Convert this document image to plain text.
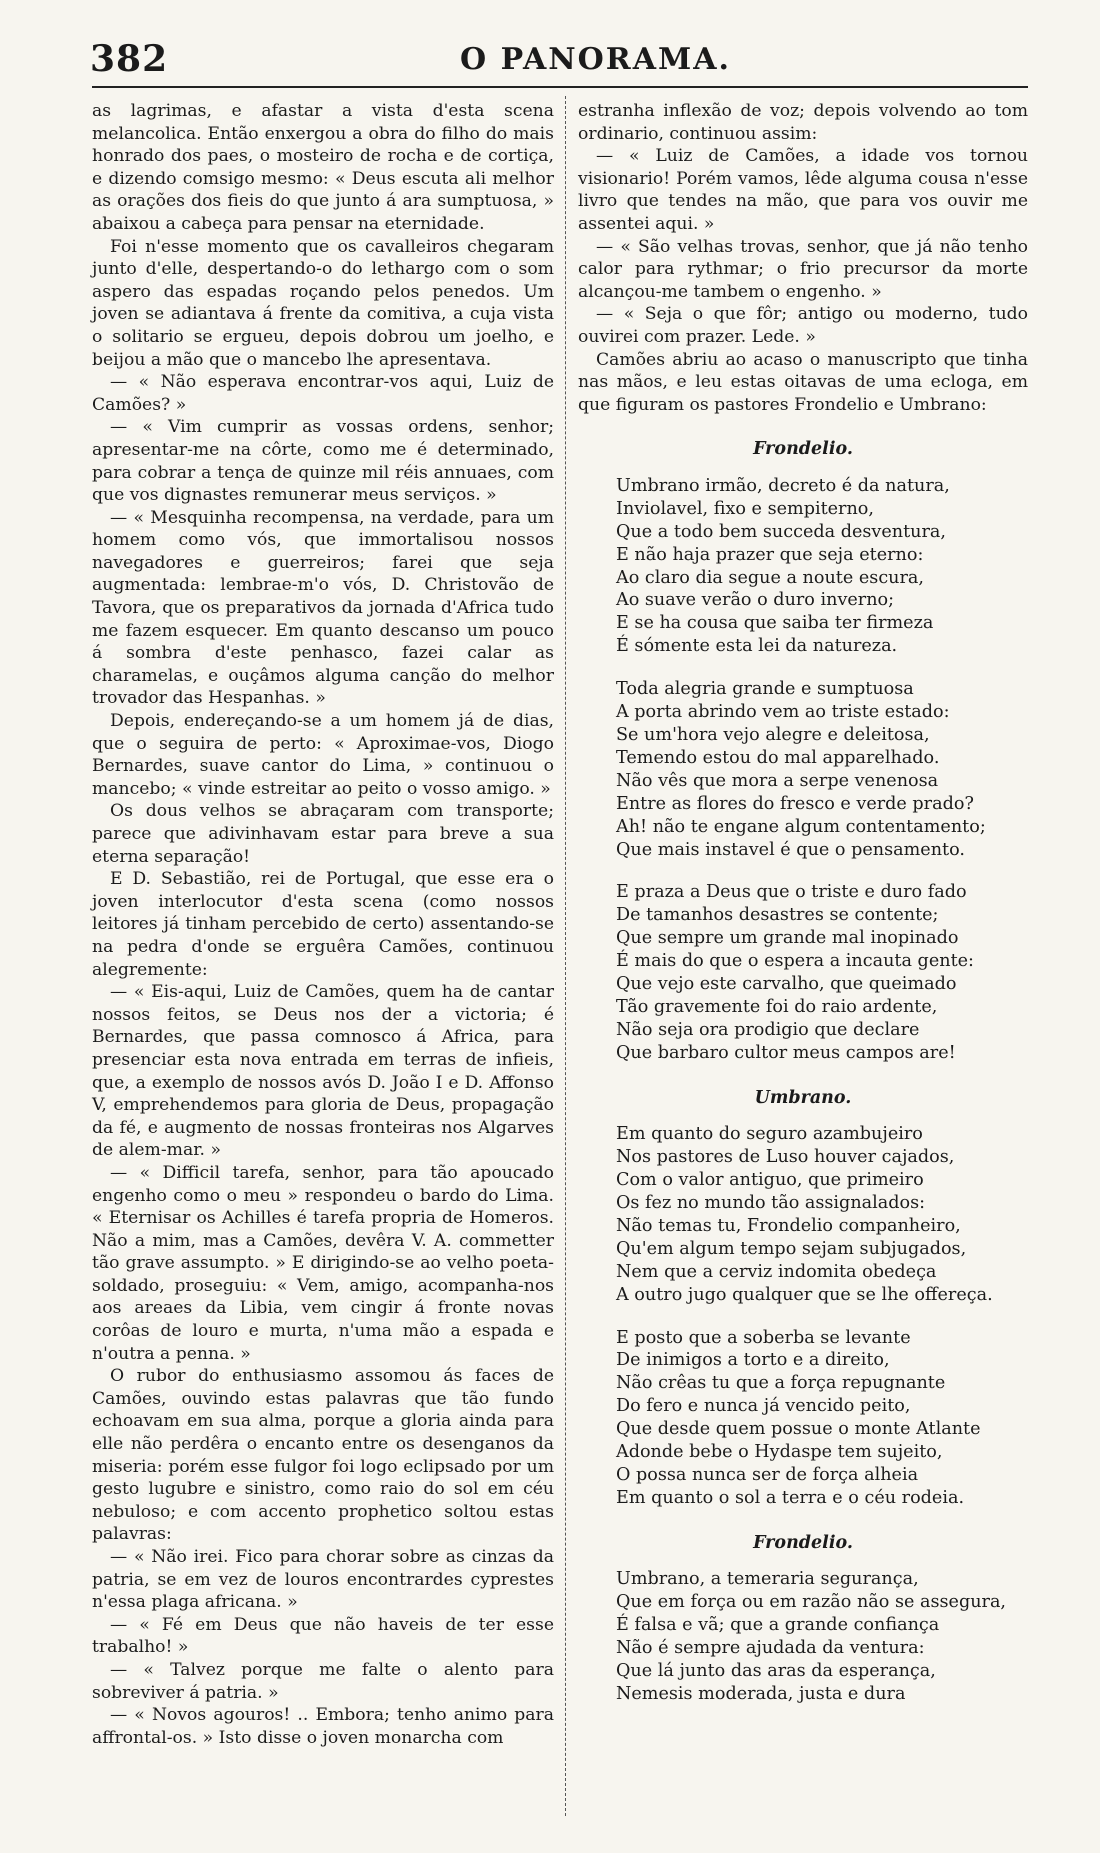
382	O PANORAMA.

as lagrimas, e afastar a vista d'esta scena melancolica. Então enxergou a obra do filho do mais honrado dos paes, o mosteiro de rocha e de cortiça, e dizendo comsigo mesmo: « Deus escuta ali melhor as orações dos fieis do que junto á ara sumptuosa, » abaixou a cabeça para pensar na eternidade.

Foi n'esse momento que os cavalleiros chegaram junto d'elle, despertando-o do lethargo com o som aspero das espadas roçando pelos penedos. Um joven se adiantava á frente da comitiva, a cuja vista o solitario se ergueu, depois dobrou um joelho, e beijou a mão que o mancebo lhe apresentava.

— « Não esperava encontrar-vos aqui, Luiz de Camões? »

— « Vim cumprir as vossas ordens, senhor; apresentar-me na côrte, como me é determinado, para cobrar a tença de quinze mil réis annuaes, com que vos dignastes remunerar meus serviços. »

— « Mesquinha recompensa, na verdade, para um homem como vós, que immortalisou nossos navegadores e guerreiros; farei que seja augmentada: lembrae-m'o vós, D. Christovão de Tavora, que os preparativos da jornada d'Africa tudo me fazem esquecer. Em quanto descanso um pouco á sombra d'este penhasco, fazei calar as charamelas, e ouçâmos alguma canção do melhor trovador das Hespanhas. »

Depois, endereçando-se a um homem já de dias, que o seguira de perto: « Aproximae-vos, Diogo Bernardes, suave cantor do Lima, » continuou o mancebo; « vinde estreitar ao peito o vosso amigo. »

Os dous velhos se abraçaram com transporte; parece que adivinhavam estar para breve a sua eterna separação!

E D. Sebastião, rei de Portugal, que esse era o joven interlocutor d'esta scena (como nossos leitores já tinham percebido de certo) assentando-se na pedra d'onde se erguêra Camões, continuou alegremente:

— « Eis-aqui, Luiz de Camões, quem ha de cantar nossos feitos, se Deus nos der a victoria; é Bernardes, que passa comnosco á Africa, para presenciar esta nova entrada em terras de infieis, que, a exemplo de nossos avós D. João I e D. Affonso V, emprehendemos para gloria de Deus, propagação da fé, e augmento de nossas fronteiras nos Algarves de alem-mar. »

— « Difficil tarefa, senhor, para tão apoucado engenho como o meu » respondeu o bardo do Lima. « Eternisar os Achilles é tarefa propria de Homeros. Não a mim, mas a Camões, devêra V. A. commetter tão grave assumpto. » E dirigindo-se ao velho poeta-soldado, proseguiu: « Vem, amigo, acompanha-nos aos areaes da Libia, vem cingir á fronte novas corôas de louro e murta, n'uma mão a espada e n'outra a penna. »

O rubor do enthusiasmo assomou ás faces de Camões, ouvindo estas palavras que tão fundo echoavam em sua alma, porque a gloria ainda para elle não perdêra o encanto entre os desenganos da miseria: porém esse fulgor foi logo eclipsado por um gesto lugubre e sinistro, como raio do sol em céu nebuloso; e com accento prophetico soltou estas palavras:

— « Não irei. Fico para chorar sobre as cinzas da patria, se em vez de louros encontrardes cyprestes n'essa plaga africana. »

— « Fé em Deus que não haveis de ter esse trabalho! »

— « Talvez porque me falte o alento para sobreviver á patria. »

— « Novos agouros! .. Embora; tenho animo para affrontal-os. » Isto disse o joven monarcha com

estranha inflexão de voz; depois volvendo ao tom ordinario, continuou assim:

— « Luiz de Camões, a idade vos tornou visionario! Porém vamos, lêde alguma cousa n'esse livro que tendes na mão, que para vos ouvir me assentei aqui. »

— « São velhas trovas, senhor, que já não tenho calor para rythmar; o frio precursor da morte alcançou-me tambem o engenho. »

— « Seja o que fôr; antigo ou moderno, tudo ouvirei com prazer. Lede. »

Camões abriu ao acaso o manuscripto que tinha nas mãos, e leu estas oitavas de uma ecloga, em que figuram os pastores Frondelio e Umbrano:

Frondelio.
Umbrano irmão, decreto é da natura,
Inviolavel, fixo e sempiterno,
Que a todo bem succeda desventura,
E não haja prazer que seja eterno:
Ao claro dia segue a noute escura,
Ao suave verão o duro inverno;
E se ha cousa que saiba ter firmeza
É sómente esta lei da natureza.
Toda alegria grande e sumptuosa
A porta abrindo vem ao triste estado:
Se um'hora vejo alegre e deleitosa,
Temendo estou do mal apparelhado.
Não vês que mora a serpe venenosa
Entre as flores do fresco e verde prado?
Ah! não te engane algum contentamento;
Que mais instavel é que o pensamento.
E praza a Deus que o triste e duro fado
De tamanhos desastres se contente;
Que sempre um grande mal inopinado
É mais do que o espera a incauta gente:
Que vejo este carvalho, que queimado
Tão gravemente foi do raio ardente,
Não seja ora prodigio que declare
Que barbaro cultor meus campos are!
Umbrano.
Em quanto do seguro azambujeiro
Nos pastores de Luso houver cajados,
Com o valor antiguo, que primeiro
Os fez no mundo tão assignalados:
Não temas tu, Frondelio companheiro,
Qu'em algum tempo sejam subjugados,
Nem que a cerviz indomita obedeça
A outro jugo qualquer que se lhe offereça.
E posto que a soberba se levante
De inimigos a torto e a direito,
Não crêas tu que a força repugnante
Do fero e nunca já vencido peito,
Que desde quem possue o monte Atlante
Adonde bebe o Hydaspe tem sujeito,
O possa nunca ser de força alheia
Em quanto o sol a terra e o céu rodeia.
Frondelio.
Umbrano, a temeraria segurança,
Que em força ou em razão não se assegura,
É falsa e vã; que a grande confiança
Não é sempre ajudada da ventura:
Que lá junto das aras da esperança,
Nemesis moderada, justa e dura
